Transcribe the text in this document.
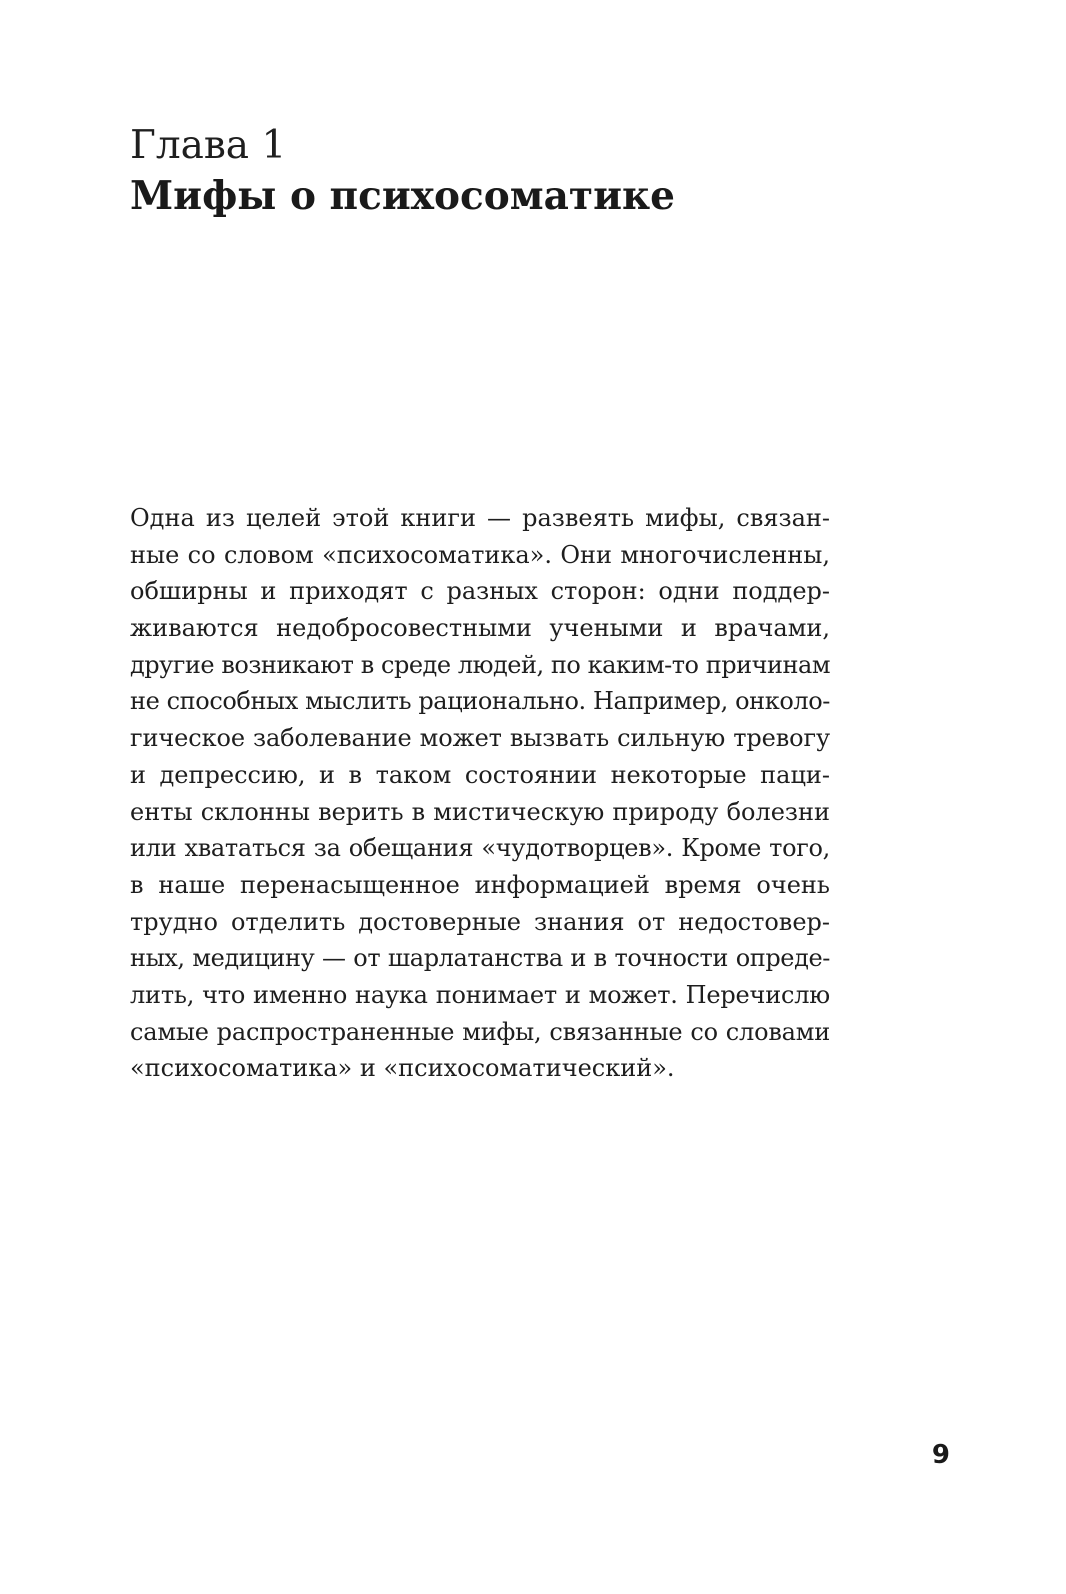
Глава 1
Мифы о психосоматике
Одна из целей этой книги — развеять мифы, связан-
ные со словом «психосоматика». Они многочисленны,
обширны и приходят с разных сторон: одни поддер-
живаются недобросовестными учеными и врачами,
другие возникают в среде людей, по каким-то причинам
не способных мыслить рационально. Например, онколо-
гическое заболевание может вызвать сильную тревогу
и депрессию, и в таком состоянии некоторые паци-
енты склонны верить в мистическую природу болезни
или хвататься за обещания «чудотворцев». Кроме того,
в наше перенасыщенное информацией время очень
трудно отделить достоверные знания от недостовер-
ных, медицину — от шарлатанства и в точности опреде-
лить, что именно наука понимает и может. Перечислю
самые распространенные мифы, связанные со словами
«психосоматика» и «психосоматический».
9
